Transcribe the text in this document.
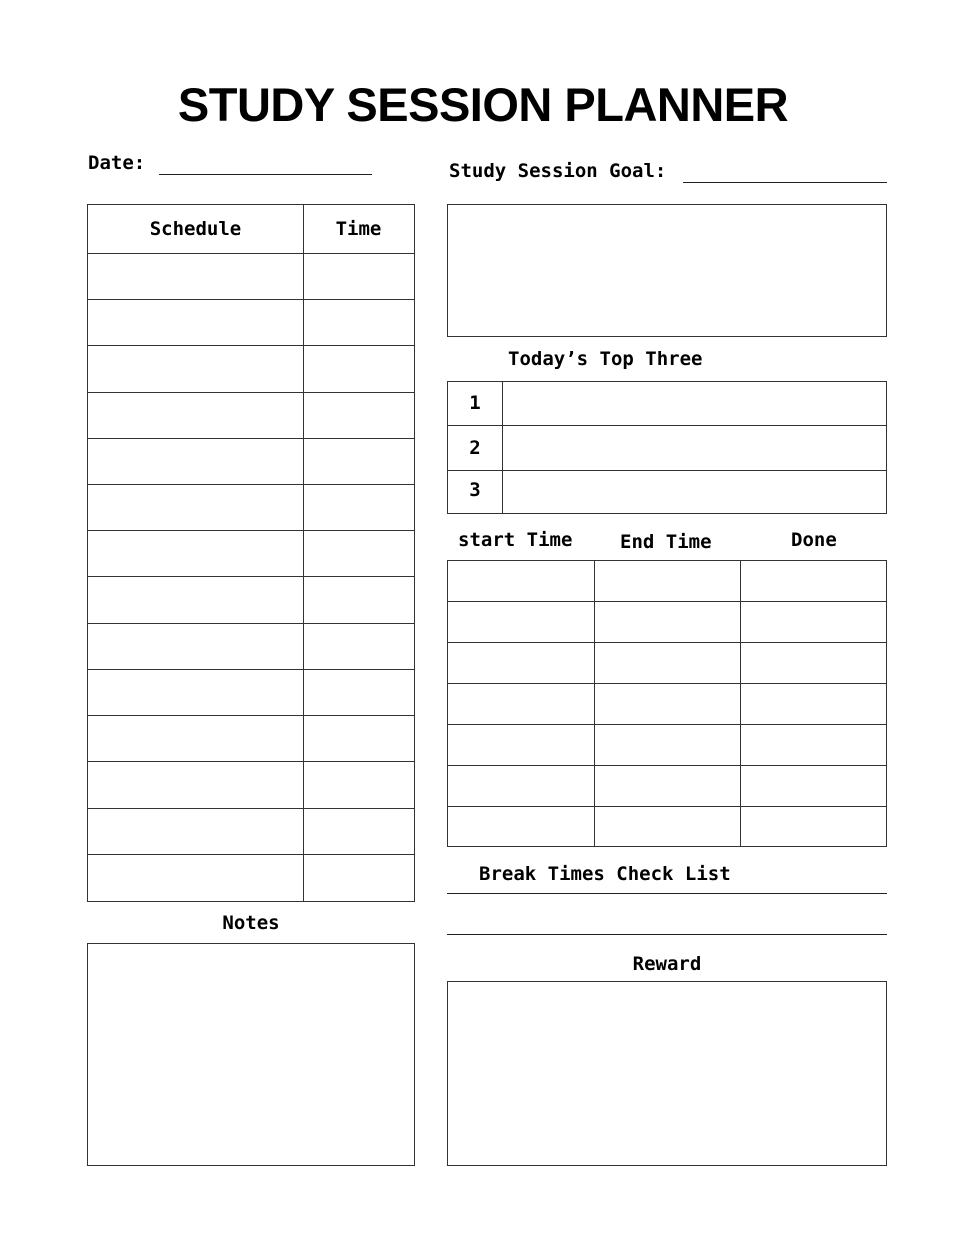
STUDY SESSION PLANNER
Date:	Study Session Goal:
Schedule	Time
Today’s Top Three
1
2
3
start Time	End Time	Done
Break Times Check List
Notes
Reward
